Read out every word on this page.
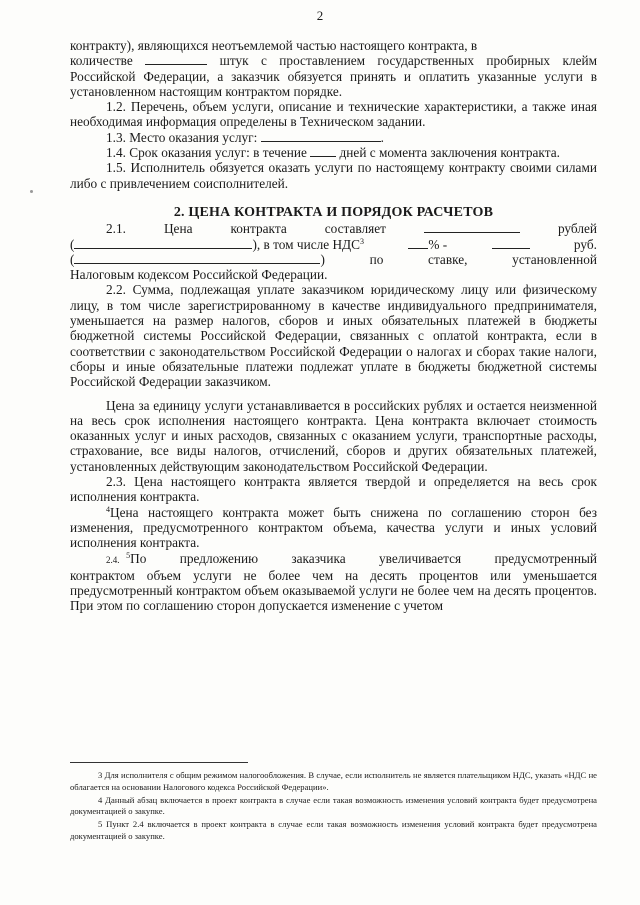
2

контракту), являющихся неотъемлемой частью настоящего контракта, в

количестве	штук с проставлением государственных пробирных клейм Российской Федерации, а заказчик обязуется принять и оплатить указанные услуги в установленном настоящим контрактом порядке.

1.2. Перечень, объем услуги, описание и технические характеристики, а также иная необходимая информация определены в Техническом задании.

1.3. Место оказания услуг:	.

1.4. Срок оказания услуг: в течение дней с момента заключения контракта.

1.5. Исполнитель обязуется оказать услуги по настоящему контракту своими силами либо с привлечением соисполнителей.

2. ЦЕНА КОНТРАКТА И ПОРЯДОК РАСЧЕТОВ
2.1.	Цена	контракта	составляет	рублей
(	), в том числе НДС$^3$	% -	руб.
(	)	по	ставке,	установленной

Налоговым кодексом Российской Федерации.

2.2. Сумма, подлежащая уплате заказчиком юридическому лицу или физическому лицу, в том числе зарегистрированному в качестве индивидуального предпринимателя, уменьшается на размер налогов, сборов и иных обязательных платежей в бюджеты бюджетной системы Российской Федерации, связанных с оплатой контракта, если в соответствии с законодательством Российской Федерации о налогах и сборах такие налоги, сборы и иные обязательные платежи подлежат уплате в бюджеты бюджетной системы Российской Федерации заказчиком.

Цена за единицу услуги устанавливается в российских рублях и остается неизменной на весь срок исполнения настоящего контракта. Цена контракта включает стоимость оказанных услуг и иных расходов, связанных с оказанием услуги, транспортные расходы, страхование, все виды налогов, отчислений, сборов и других обязательных платежей, установленных действующим законодательством Российской Федерации.

2.3. Цена настоящего контракта является твердой и определяется на весь срок исполнения контракта.

$^4$Цена настоящего контракта может быть снижена по соглашению сторон без изменения, предусмотренного контрактом объема, качества услуги и иных условий исполнения контракта.

2.4. $^5$По	предложению	заказчика	увеличивается	предусмотренный

контрактом объем услуги не более чем на десять процентов или уменьшается предусмотренный контрактом объем оказываемой услуги не более чем на десять процентов. При этом по соглашению сторон допускается изменение с учетом

3 Для исполнителя с общим режимом налогообложения. В случае, если исполнитель не является плательщиком НДС, указать «НДС не облагается на основании Налогового кодекса Российской Федерации».

4 Данный абзац включается в проект контракта в случае если такая возможность изменения условий контракта будет предусмотрена документацией о закупке.

5 Пункт 2.4 включается в проект контракта в случае если такая возможность изменения условий контракта будет предусмотрена документацией о закупке.
